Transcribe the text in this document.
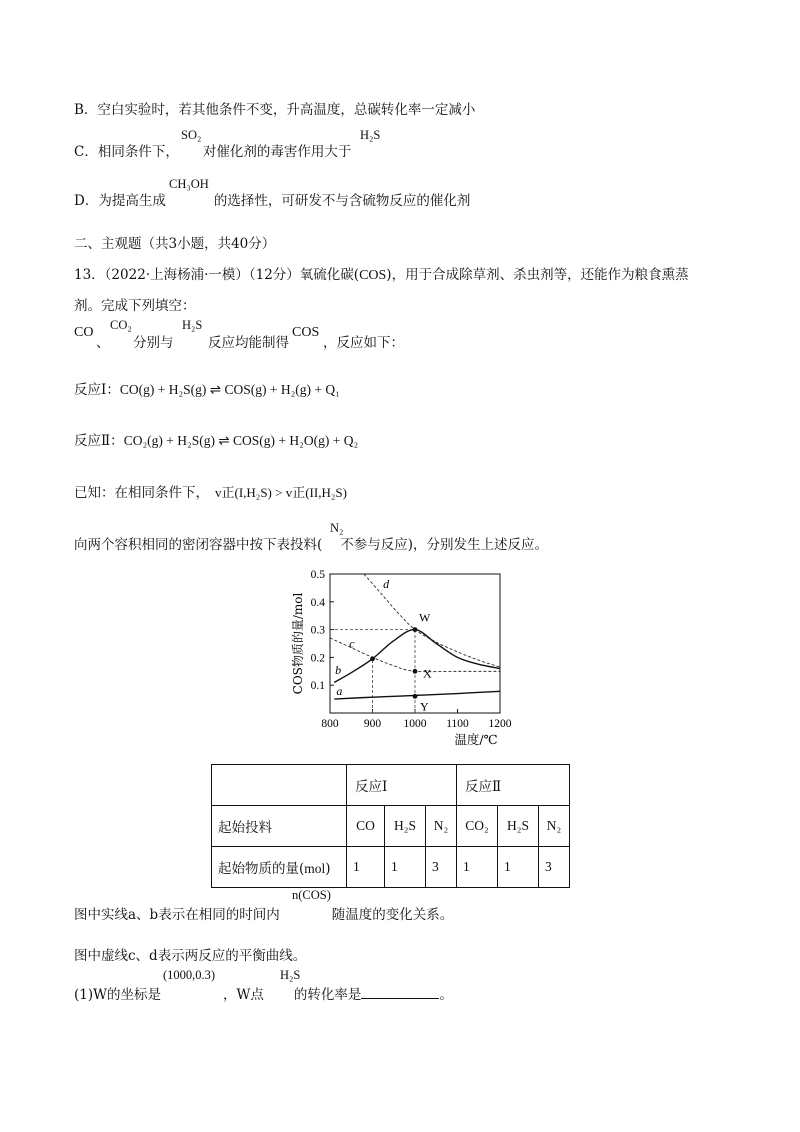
B．空白实验时，若其他条件不变，升高温度，总碳转化率一定减小
C．相同条件下， 对催化剂的毒害作用大于
SO₂	H₂S
D．为提高生成	的选择性，可研发不与含硫物反应的催化剂
CH₃OH
二、主观题（共3小题，共40分）
13．（2022·上海杨浦·一模）（12分）氧硫化碳(COS)，用于合成除草剂、杀虫剂等，还能作为粮食熏蒸
剂。完成下列填空：
CO
、
CO₂
分别与
H₂S
反应均能制得
COS
，反应如下：
反应Ⅰ：CO(g) + H₂S(g) ⇌ COS(g) + H₂(g) + Q₁
反应Ⅱ：CO₂(g) + H₂S(g) ⇌ COS(g) + H₂O(g) + Q₂
已知：在相同条件下， v正(I,H₂S) > v正(II,H₂S)
向两个容积相同的密闭容器中按下表投料( 不参与反应)，分别发生上述反应。
N₂
800 900 1000 1100 1200
0.1
0.2
0.3
0.4
0.5
温度/℃
COS物质的量/mol	a
b
c
d
W
X
Y
	反应Ⅰ			反应Ⅱ		
起始投料	CO	H₂S	N₂	CO₂	H₂S	N₂
起始物质的量(mol)	1	1	3	1	1	3
图中实线a、b表示在相同的时间内	随温度的变化关系。
n(COS)
图中虚线c、d表示两反应的平衡曲线。
(1)W的坐标是	，W点 的转化率是	。
(1000,0.3)	H₂S
